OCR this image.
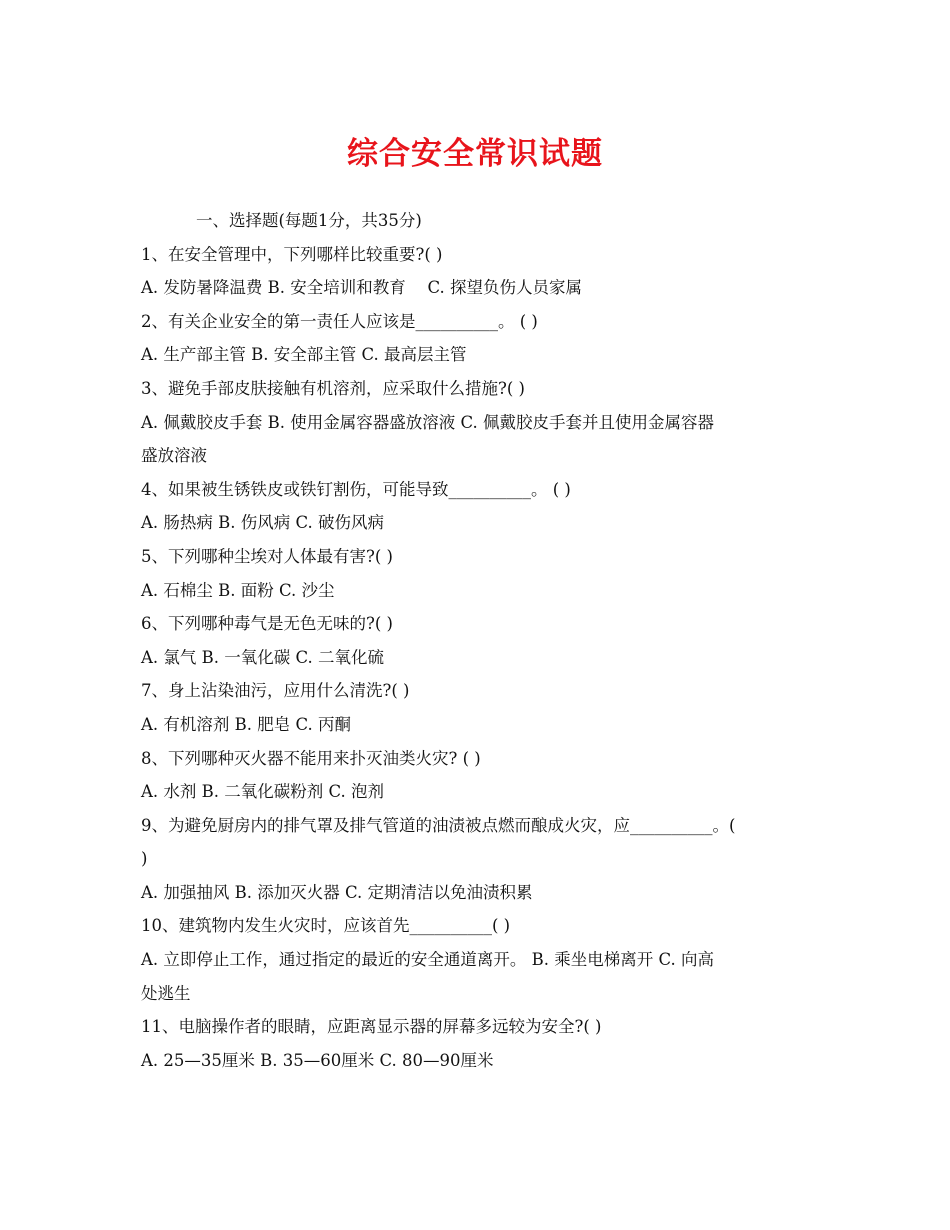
综合安全常识试题
一、选择题(每题1分，共35分)
1、在安全管理中，下列哪样比较重要?( )
A. 发防暑降温费 B. 安全培训和教育　 C. 探望负伤人员家属
2、有关企业安全的第一责任人应该是__________。 ( )
A. 生产部主管 B. 安全部主管 C. 最高层主管
3、避免手部皮肤接触有机溶剂，应采取什么措施?( )
A. 佩戴胶皮手套 B. 使用金属容器盛放溶液 C. 佩戴胶皮手套并且使用金属容器
盛放溶液
4、如果被生锈铁皮或铁钉割伤，可能导致__________。 ( )
A. 肠热病 B. 伤风病 C. 破伤风病
5、下列哪种尘埃对人体最有害?( )
A. 石棉尘 B. 面粉 C. 沙尘
6、下列哪种毒气是无色无味的?( )
A. 氯气 B. 一氧化碳 C. 二氧化硫
7、身上沾染油污，应用什么清洗?( )
A. 有机溶剂 B. 肥皂 C. 丙酮
8、下列哪种灭火器不能用来扑灭油类火灾? ( )
A. 水剂 B. 二氧化碳粉剂 C. 泡剂
9、为避免厨房内的排气罩及排气管道的油渍被点燃而酿成火灾，应__________。(
)
A. 加强抽风 B. 添加灭火器 C. 定期清洁以免油渍积累
10、建筑物内发生火灾时，应该首先__________( )
A. 立即停止工作，通过指定的最近的安全通道离开。 B. 乘坐电梯离开 C. 向高
处逃生
11、电脑操作者的眼睛，应距离显示器的屏幕多远较为安全?( )
A. 25—35厘米 B. 35—60厘米 C. 80—90厘米
